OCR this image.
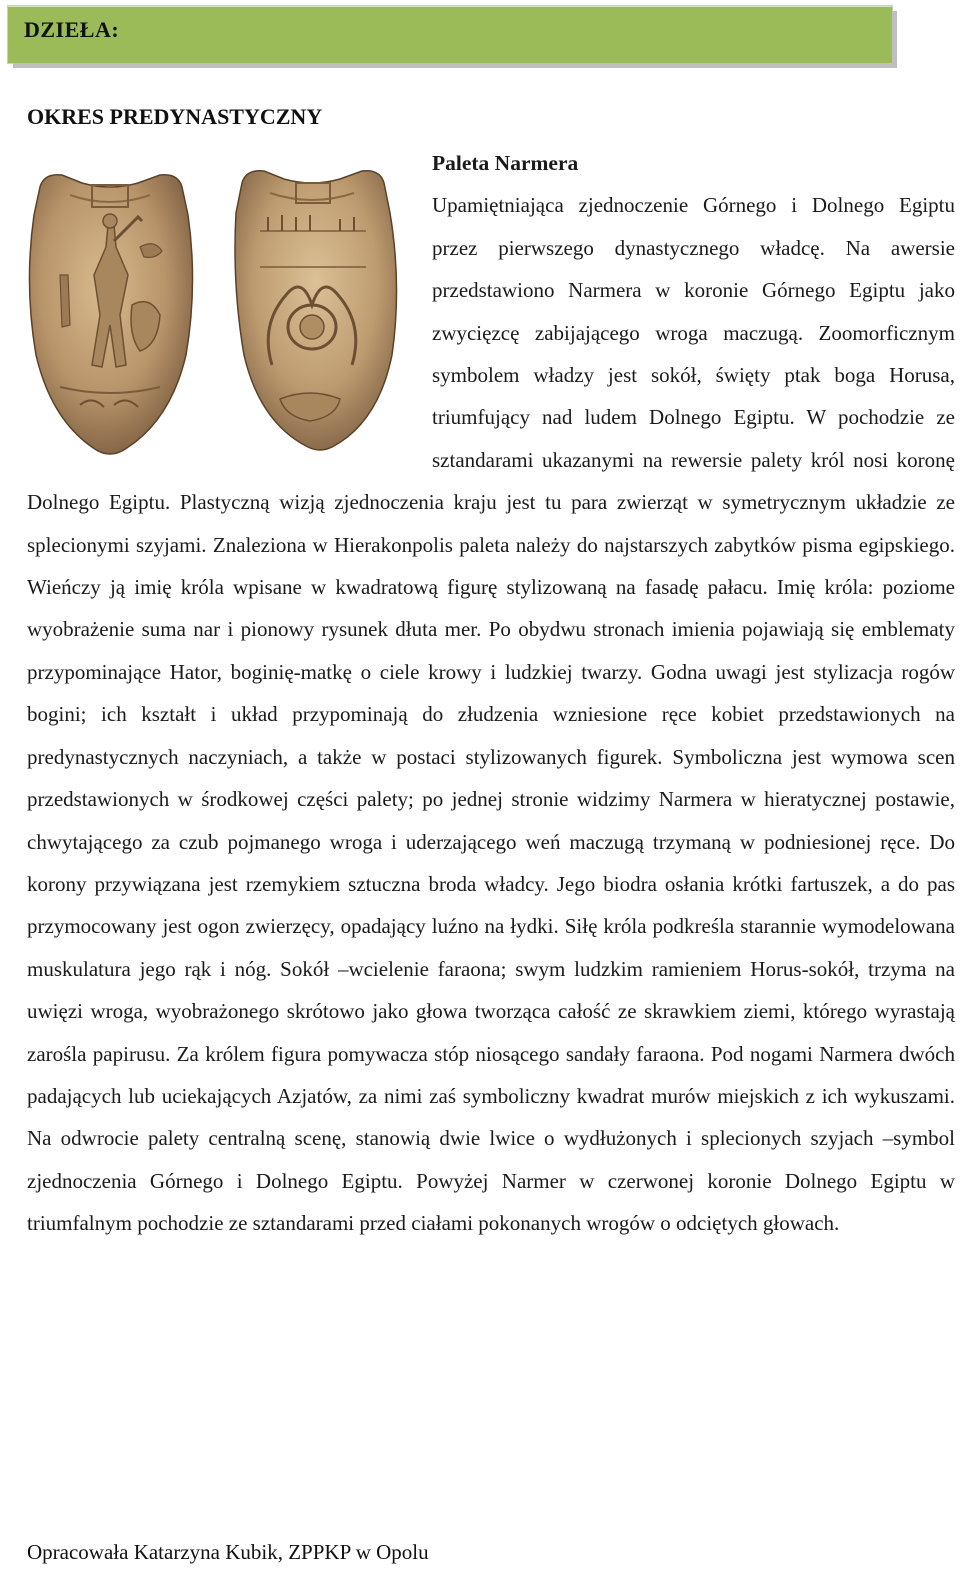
DZIEŁA:
OKRES PREDYNASTYCZNY
Paleta Narmera
Upamiętniająca zjednoczenie Górnego i Dolnego Egiptu przez pierwszego dynastycznego władcę. Na awersie przedstawiono Narmera w koronie Górnego Egiptu jako zwycięzcę zabijającego wroga maczugą. Zoomorficznym symbolem władzy jest sokół, święty ptak boga Horusa, triumfujący nad ludem Dolnego Egiptu. W pochodzie ze sztandarami ukazanymi na rewersie palety król nosi koronę Dolnego Egiptu. Plastyczną wizją zjednoczenia kraju jest tu para zwierząt w symetrycznym układzie ze splecionymi szyjami. Znaleziona w Hierakonpolis paleta należy do najstarszych zabytków pisma egipskiego. Wieńczy ją imię króla wpisane w kwadratową figurę stylizowaną na fasadę pałacu. Imię króla: poziome wyobrażenie suma nar i pionowy rysunek dłuta mer. Po obydwu stronach imienia pojawiają się emblematy przypominające Hator, boginię-matkę o ciele krowy i ludzkiej twarzy. Godna uwagi jest stylizacja rogów bogini; ich kształt i układ przypominają do złudzenia wzniesione ręce kobiet przedstawionych na predynastycznych naczyniach, a także w postaci stylizowanych figurek. Symboliczna jest wymowa scen przedstawionych w środkowej części palety; po jednej stronie widzimy Narmera w hieratycznej postawie, chwytającego za czub pojmanego wroga i uderzającego weń maczugą trzymaną w podniesionej ręce. Do korony przywiązana jest rzemykiem sztuczna broda władcy. Jego biodra osłania krótki fartuszek, a do pas przymocowany jest ogon zwierzęcy, opadający luźno na łydki. Siłę króla podkreśla starannie wymodelowana muskulatura jego rąk i nóg. Sokół –wcielenie faraona; swym ludzkim ramieniem Horus-sokół, trzyma na uwięzi wroga, wyobrażonego skrótowo jako głowa tworząca całość ze skrawkiem ziemi, którego wyrastają zarośla papirusu. Za królem figura pomywacza stóp niosącego sandały faraona. Pod nogami Narmera dwóch padających lub uciekających Azjatów, za nimi zaś symboliczny kwadrat murów miejskich z ich wykuszami. Na odwrocie palety centralną scenę, stanowią dwie lwice o wydłużonych i splecionych szyjach –symbol zjednoczenia Górnego i Dolnego Egiptu. Powyżej Narmer w czerwonej koronie Dolnego Egiptu w triumfalnym pochodzie ze sztandarami przed ciałami pokonanych wrogów o odciętych głowach.
Opracowała Katarzyna Kubik, ZPPKP w Opolu
